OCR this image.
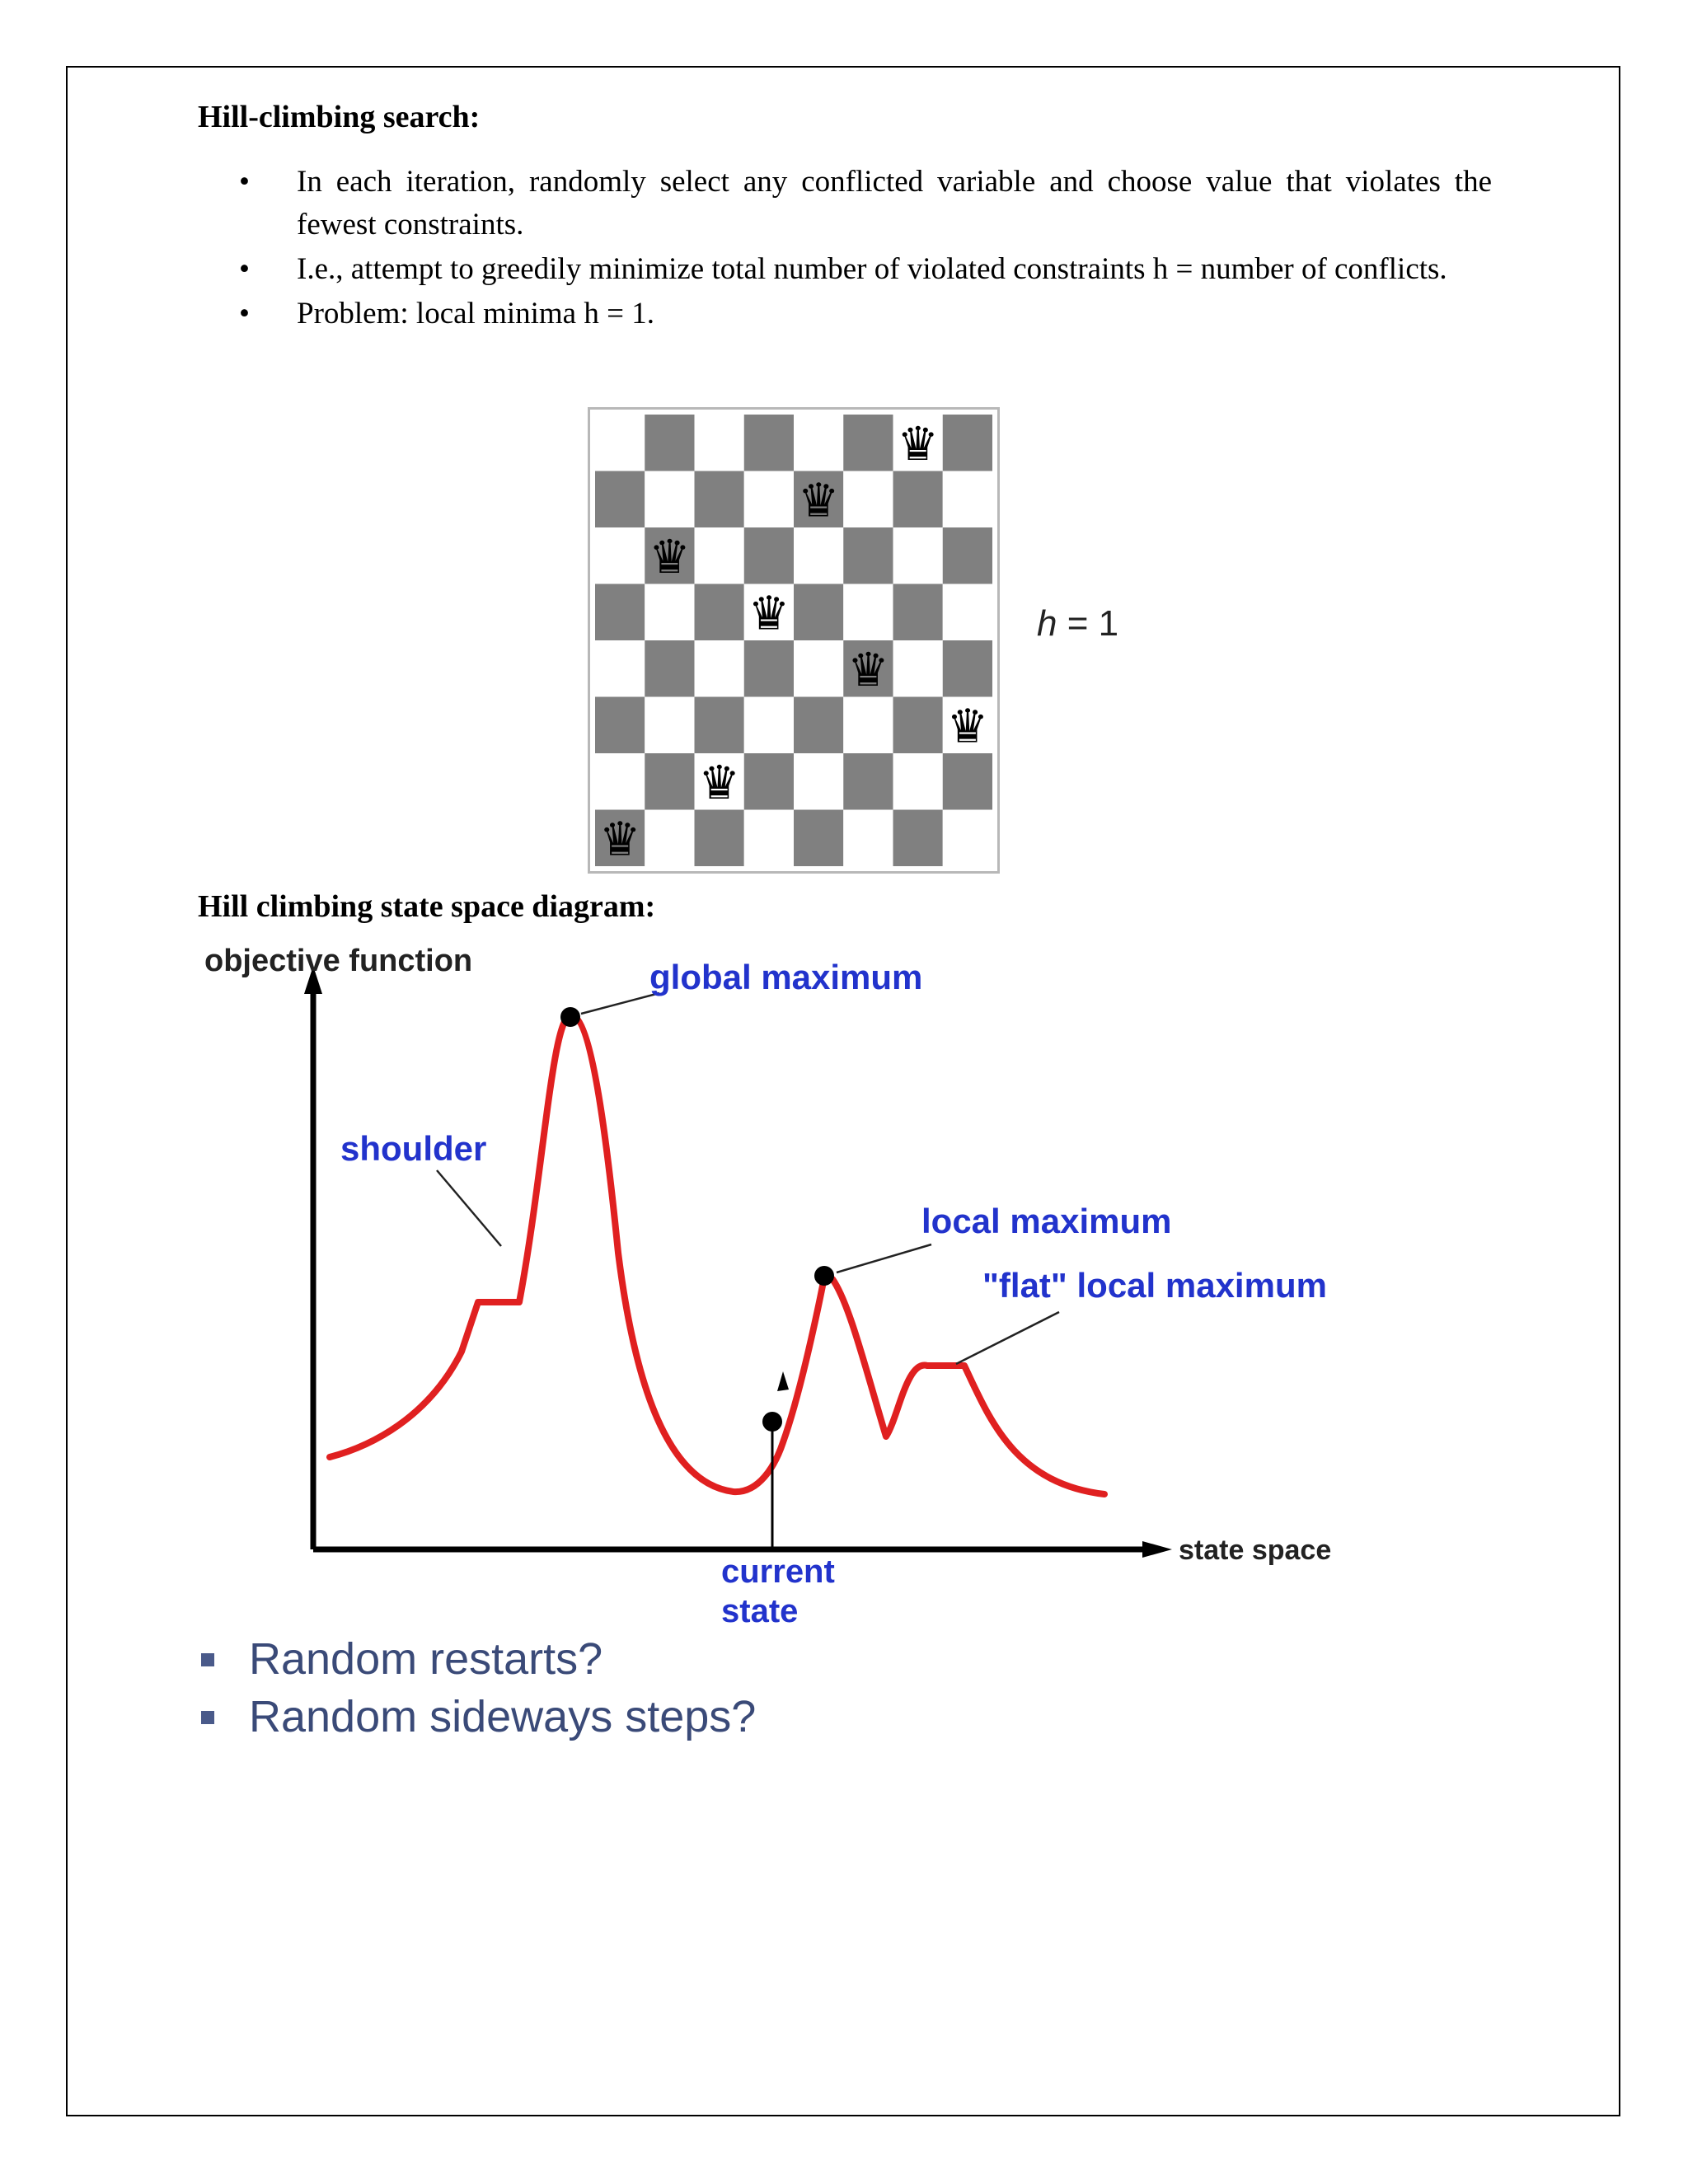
Hill-climbing search:
• In each iteration, randomly select any conflicted variable and choose value that violates the fewest constraints.
• I.e., attempt to greedily minimize total number of violated constraints h = number of conflicts.
• Problem: local minima h = 1.
♛
♛
♛
♛
♛
♛
♛
♛
h = 1
Hill climbing state space diagram:
objective function
state space
global maximum
shoulder
local maximum
"flat" local maximum
current
state
Random restarts?
Random sideways steps?
